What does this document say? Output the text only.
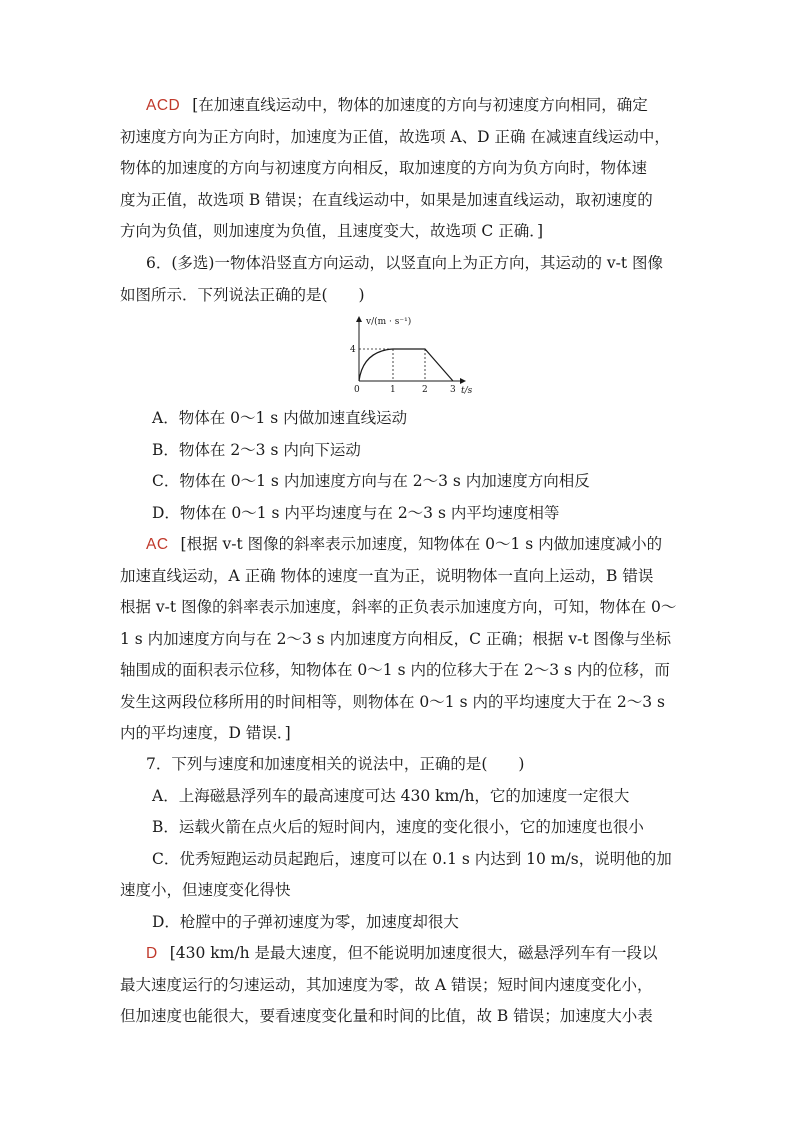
ACD [在加速直线运动中，物体的加速度的方向与初速度方向相同，确定
初速度方向为正方向时，加速度为正值，故选项 A、D 正确 在减速直线运动中，
物体的加速度的方向与初速度方向相反，取加速度的方向为负方向时，物体速
度为正值，故选项 B 错误；在直线运动中，如果是加速直线运动，取初速度的
方向为负值，则加速度为负值，且速度变大，故选项 C 正确．]
6．(多选)一物体沿竖直方向运动，以竖直向上为正方向，其运动的 v-t 图像
如图所示．下列说法正确的是(　　)
v/(m · s⁻¹)
4
0	1	2 3 t/s
A．物体在 0～1 s 内做加速直线运动
B．物体在 2～3 s 内向下运动
C．物体在 0～1 s 内加速度方向与在 2～3 s 内加速度方向相反
D．物体在 0～1 s 内平均速度与在 2～3 s 内平均速度相等
AC [根据 v-t 图像的斜率表示加速度，知物体在 0～1 s 内做加速度减小的
加速直线运动，A 正确 物体的速度一直为正，说明物体一直向上运动，B 错误
根据 v-t 图像的斜率表示加速度，斜率的正负表示加速度方向，可知，物体在 0～
1 s 内加速度方向与在 2～3 s 内加速度方向相反，C 正确；根据 v-t 图像与坐标
轴围成的面积表示位移，知物体在 0～1 s 内的位移大于在 2～3 s 内的位移，而
发生这两段位移所用的时间相等，则物体在 0～1 s 内的平均速度大于在 2～3 s
内的平均速度，D 错误．]
7．下列与速度和加速度相关的说法中，正确的是(　　)
A．上海磁悬浮列车的最高速度可达 430 km/h，它的加速度一定很大
B．运载火箭在点火后的短时间内，速度的变化很小，它的加速度也很小
C．优秀短跑运动员起跑后，速度可以在 0.1 s 内达到 10 m/s，说明他的加
速度小，但速度变化得快
D．枪膛中的子弹初速度为零，加速度却很大
D [430 km/h 是最大速度，但不能说明加速度很大，磁悬浮列车有一段以
最大速度运行的匀速运动，其加速度为零，故 A 错误；短时间内速度变化小，
但加速度也能很大，要看速度变化量和时间的比值，故 B 错误；加速度大小表
